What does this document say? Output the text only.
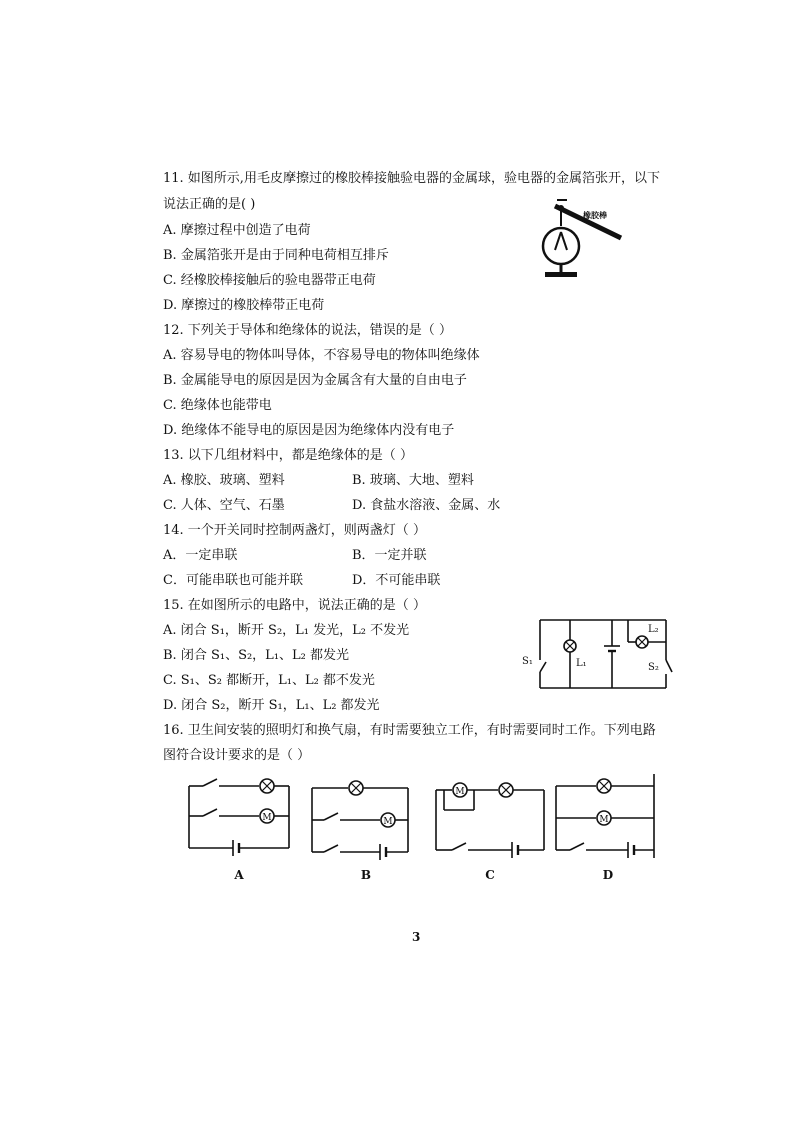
11. 如图所示,用毛皮摩擦过的橡胶棒接触验电器的金属球，验电器的金属箔张开，以下
说法正确的是( )
A. 摩擦过程中创造了电荷
B. 金属箔张开是由于同种电荷相互排斥
C. 经橡胶棒接触后的验电器带正电荷
D. 摩擦过的橡胶棒带正电荷
橡胶棒
12. 下列关于导体和绝缘体的说法，错误的是（ ）
A. 容易导电的物体叫导体，不容易导电的物体叫绝缘体
B. 金属能导电的原因是因为金属含有大量的自由电子
C. 绝缘体也能带电
D. 绝缘体不能导电的原因是因为绝缘体内没有电子
13. 以下几组材料中，都是绝缘体的是（ ）
A. 橡胶、玻璃、塑料	B. 玻璃、大地、塑料
C. 人体、空气、石墨	D. 食盐水溶液、金属、水
14. 一个开关同时控制两盏灯，则两盏灯（ ）
A．一定串联	B．一定并联
C．可能串联也可能并联	D．不可能串联
15. 在如图所示的电路中，说法正确的是（ ）
A. 闭合 S₁，断开 S₂，L₁ 发光，L₂ 不发光
B. 闭合 S₁、S₂，L₁、L₂ 都发光
C. S₁、S₂ 都断开，L₁、L₂ 都不发光
D. 闭合 S₂，断开 S₁，L₁、L₂ 都发光
S₁	L₁
L₂
S₂
16. 卫生间安装的照明灯和换气扇，有时需要独立工作，有时需要同时工作。下列电路
图符合设计要求的是（ ）
M	M
M
M
A	B	C	D
3
